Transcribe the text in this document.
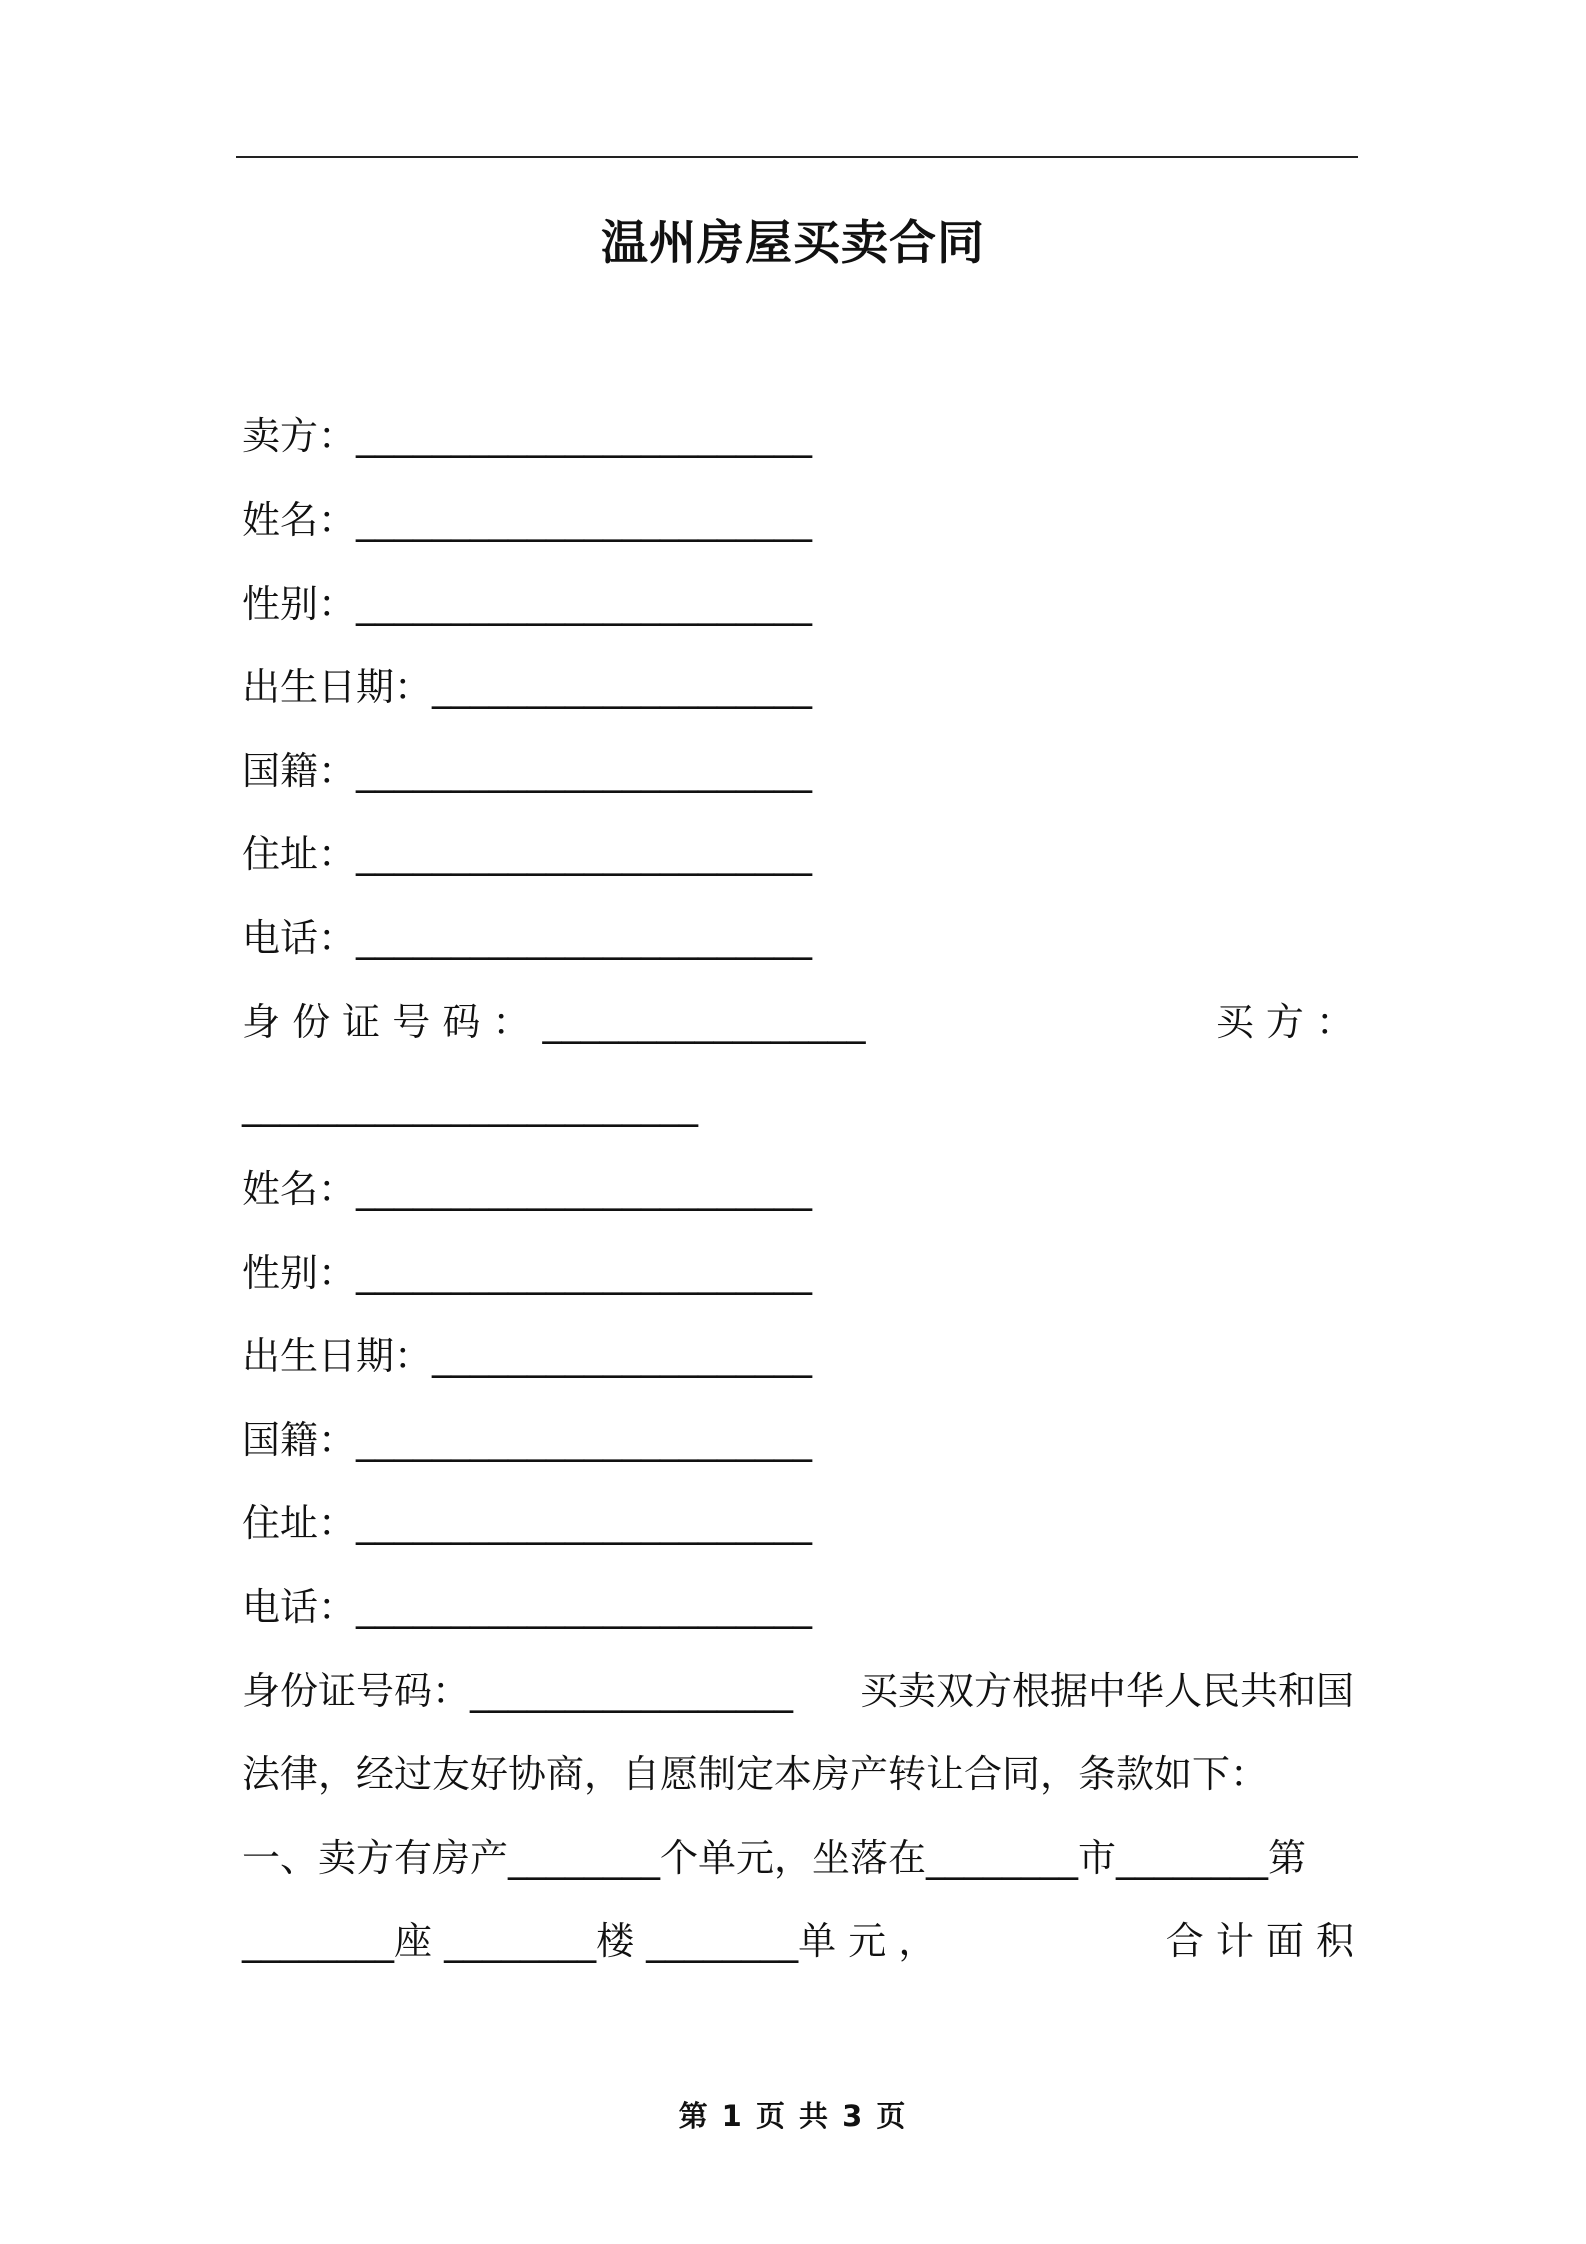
温州房屋买卖合同
卖方：________________________
姓名：________________________
性别：________________________
出生日期：____________________
国籍：________________________
住址：________________________
电话：________________________
身 份 证 号 码 ： _________________	买 方 ：
________________________
姓名：________________________
性别：________________________
出生日期：____________________
国籍：________________________
住址：________________________
电话：________________________
身份证号码：_________________ 买卖双方根据中华人民共和国
法律，经过友好协商，自愿制定本房产转让合同，条款如下：
一、卖方有房产________个单元，坐落在________市________第
________座 ________楼 ________单 元 ，	合 计 面 积
第 1 页 共 3 页
